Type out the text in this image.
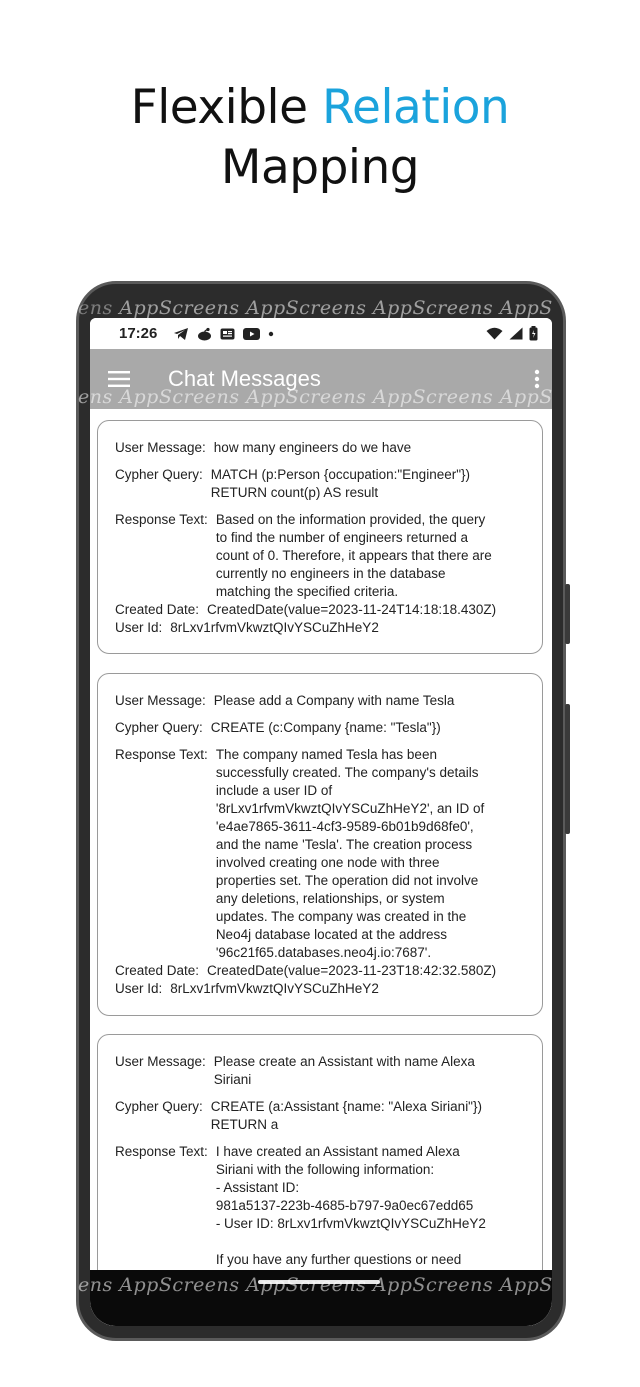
Flexible Relation
Mapping
17:26
Chat Messages
User Message: how many engineers do we have
Cypher Query: MATCH (p:Person {occupation:"Engineer"})
RETURN count(p) AS result
Response Text: Based on the information provided, the query
to find the number of engineers returned a
count of 0. Therefore, it appears that there are
currently no engineers in the database
matching the specified criteria.
Created Date: CreatedDate(value=2023-11-24T14:18:18.430Z)
User Id: 8rLxv1rfvmVkwztQIvYSCuZhHeY2
User Message: Please add a Company with name Tesla
Cypher Query: CREATE (c:Company {name: "Tesla"})
Response Text: The company named Tesla has been
successfully created. The company's details
include a user ID of
'8rLxv1rfvmVkwztQIvYSCuZhHeY2', an ID of
'e4ae7865-3611-4cf3-9589-6b01b9d68fe0',
and the name 'Tesla'. The creation process
involved creating one node with three
properties set. The operation did not involve
any deletions, relationships, or system
updates. The company was created in the
Neo4j database located at the address
'96c21f65.databases.neo4j.io:7687'.
Created Date: CreatedDate(value=2023-11-23T18:42:32.580Z)
User Id: 8rLxv1rfvmVkwztQIvYSCuZhHeY2
User Message: Please create an Assistant with name Alexa
Siriani
Cypher Query: CREATE (a:Assistant {name: "Alexa Siriani"})
RETURN a
Response Text: I have created an Assistant named Alexa
Siriani with the following information:
- Assistant ID:
981a5137-223b-4685-b797-9a0ec67edd65
- User ID: 8rLxv1rfvmVkwztQIvYSCuZhHeY2

If you have any further questions or need
ens AppScreens AppScreens AppScreens AppS
ens AppScreens AppScreens AppScreens AppS
ens AppScreens AppScreens AppScreens AppS
